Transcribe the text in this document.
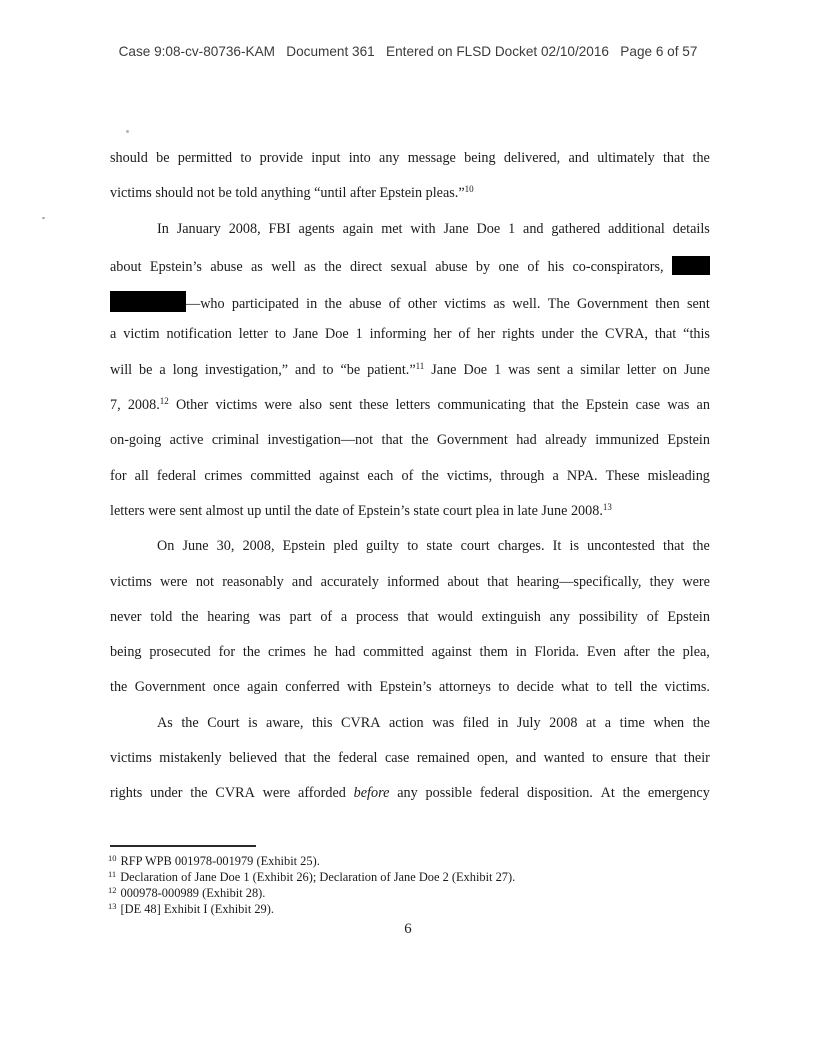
Case 9:08-cv-80736-KAM   Document 361   Entered on FLSD Docket 02/10/2016   Page 6 of 57
should be permitted to provide input into any message being delivered, and ultimately that the
victims should not be told anything “until after Epstein pleas.”$^{10}$
In January 2008, FBI agents again met with Jane Doe 1 and gathered additional details
about Epstein’s abuse as well as the direct sexual abuse by one of his co-conspirators,
—who participated in the abuse of other victims as well. The Government then sent
a victim notification letter to Jane Doe 1 informing her of her rights under the CVRA, that “this
will be a long investigation,” and to “be patient.”$^{11}$ Jane Doe 1 was sent a similar letter on June
7, 2008.12 Other victims were also sent these letters communicating that the Epstein case was an
on-going active criminal investigation—not that the Government had already immunized Epstein
for all federal crimes committed against each of the victims, through a NPA. These misleading
letters were sent almost up until the date of Epstein’s state court plea in late June 2008.13
On June 30, 2008, Epstein pled guilty to state court charges. It is uncontested that the
victims were not reasonably and accurately informed about that hearing—specifically, they were
never told the hearing was part of a process that would extinguish any possibility of Epstein
being prosecuted for the crimes he had committed against them in Florida. Even after the plea,
the Government once again conferred with Epstein’s attorneys to decide what to tell the victims.
As the Court is aware, this CVRA action was filed in July 2008 at a time when the
victims mistakenly believed that the federal case remained open, and wanted to ensure that their
rights under the CVRA were afforded before any possible federal disposition. At the emergency
$^{10}$ RFP WPB 001978-001979 (Exhibit 25).
$^{11}$ Declaration of Jane Doe 1 (Exhibit 26); Declaration of Jane Doe 2 (Exhibit 27).
$^{12}$ 000978-000989 (Exhibit 28).
$^{13}$ [DE 48] Exhibit I (Exhibit 29).
6
